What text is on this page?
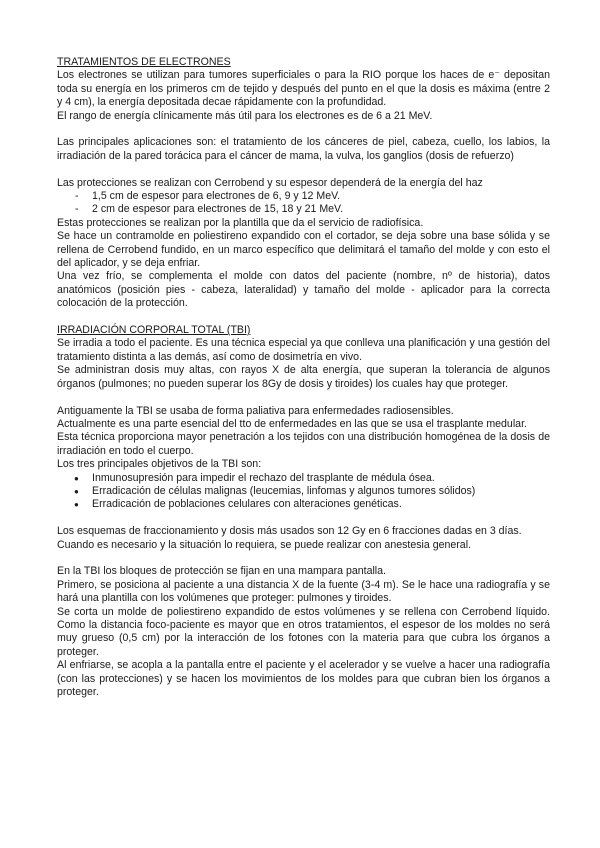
TRATAMIENTOS DE ELECTRONES

Los electrones se utilizan para tumores superficiales o para la RIO porque los haces de e⁻ depositan toda su energía en los primeros cm de tejido y después del punto en el que la dosis es máxima (entre 2 y 4 cm), la energía depositada decae rápidamente con la profundidad.

El rango de energía clínicamente más útil para los electrones es de 6 a 21 MeV.

Las principales aplicaciones son: el tratamiento de los cánceres de piel, cabeza, cuello, los labios, la irradiación de la pared torácica para el cáncer de mama, la vulva, los ganglios (dosis de refuerzo)

Las protecciones se realizan con Cerrobend y su espesor dependerá de la energía del haz

- 1,5 cm de espesor para electrones de 6, 9 y 12 MeV.
- 2 cm de espesor para electrones de 15, 18 y 21 MeV.

Estas protecciones se realizan por la plantilla que da el servicio de radiofísica.

Se hace un contramolde en poliestireno expandido con el cortador, se deja sobre una base sólida y se rellena de Cerrobend fundido, en un marco específico que delimitará el tamaño del molde y con esto el del aplicador, y se deja enfriar.

Una vez frío, se complementa el molde con datos del paciente (nombre, nº de historia), datos anatómicos (posición pies - cabeza, lateralidad) y tamaño del molde - aplicador para la correcta colocación de la protección.

IRRADIACIÓN CORPORAL TOTAL (TBI)

Se irradia a todo el paciente. Es una técnica especial ya que conlleva una planificación y una gestión del tratamiento distinta a las demás, así como de dosimetría en vivo.

Se administran dosis muy altas, con rayos X de alta energía, que superan la tolerancia de algunos órganos (pulmones; no pueden superar los 8Gy de dosis y tiroides) los cuales hay que proteger.

Antiguamente la TBI se usaba de forma paliativa para enfermedades radiosensibles.

Actualmente es una parte esencial del tto de enfermedades en las que se usa el trasplante medular.

Esta técnica proporciona mayor penetración a los tejidos con una distribución homogénea de la dosis de irradiación en todo el cuerpo.

Los tres principales objetivos de la TBI son:

● Inmunosupresión para impedir el rechazo del trasplante de médula ósea.
● Erradicación de células malignas (leucemias, linfomas y algunos tumores sólidos)
● Erradicación de poblaciones celulares con alteraciones genéticas.

Los esquemas de fraccionamiento y dosis más usados son 12 Gy en 6 fracciones dadas en 3 días.

Cuando es necesario y la situación lo requiera, se puede realizar con anestesia general.

En la TBI los bloques de protección se fijan en una mampara pantalla.

Primero, se posiciona al paciente a una distancia X de la fuente (3-4 m). Se le hace una radiografía y se hará una plantilla con los volúmenes que proteger: pulmones y tiroides.

Se corta un molde de poliestireno expandido de estos volúmenes y se rellena con Cerrobend líquido. Como la distancia foco-paciente es mayor que en otros tratamientos, el espesor de los moldes no será muy grueso (0,5 cm) por la interacción de los fotones con la materia para que cubra los órganos a proteger.

Al enfriarse, se acopla a la pantalla entre el paciente y el acelerador y se vuelve a hacer una radiografía (con las protecciones) y se hacen los movimientos de los moldes para que cubran bien los órganos a proteger.
